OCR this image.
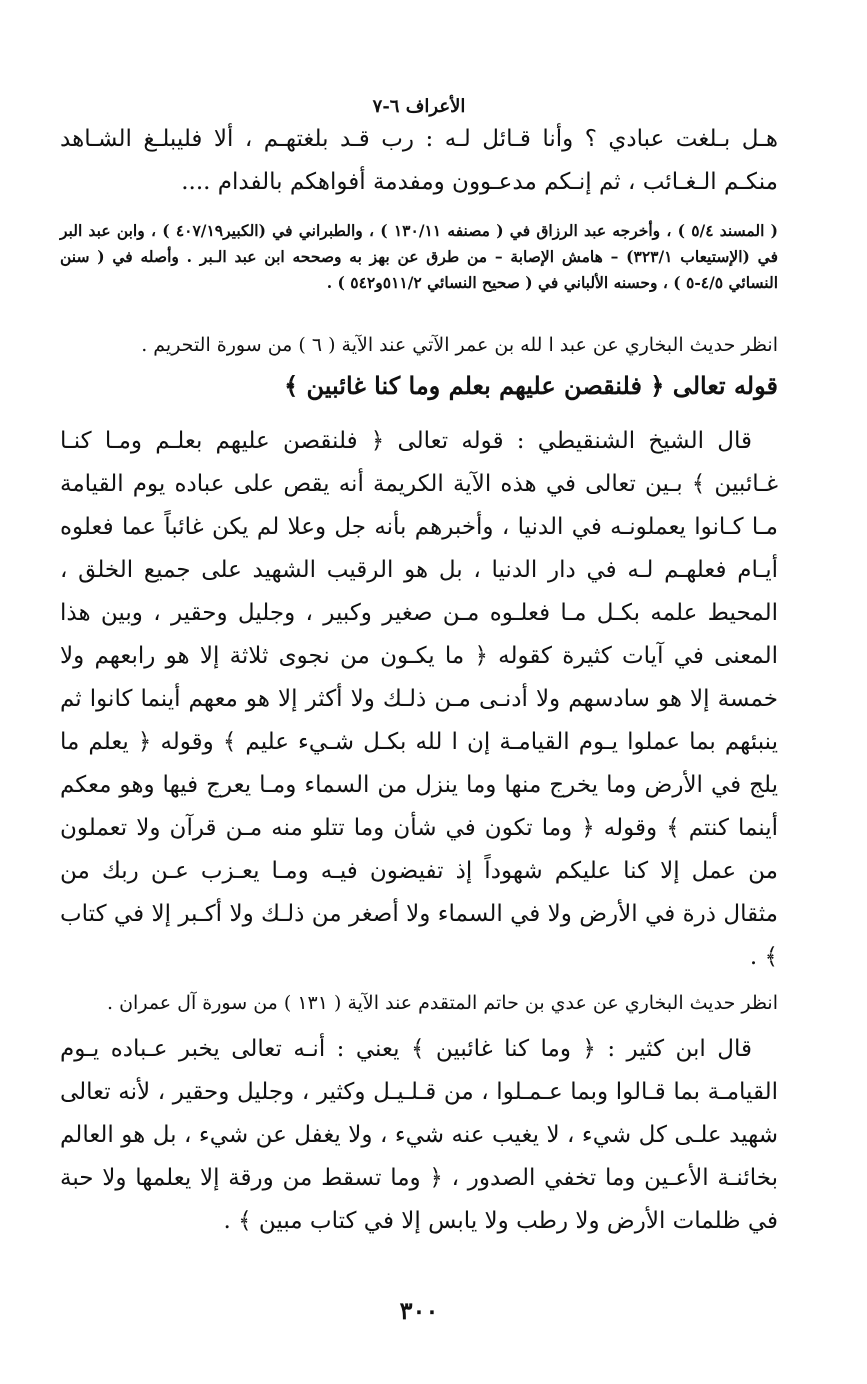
الأعراف ٦-٧

هـل بـلغت عبادي ؟ وأنا قـائل لـه : رب قـد بلغتهـم ، ألا فليبلـغ الشـاهد منكـم الـغـائب ، ثم إنـكم مدعـوون ومفدمة أفواهكم بالفدام ....

( المسند ٥/٤ ) ، وأخرجه عبد الرزاق في ( مصنفه ١٣٠/١١ ) ، والطبراني في (الكبير٤٠٧/١٩ ) ، وابن عبد البر في (الإستيعاب ٣٢٣/١) – هامش الإصابة – من طرق عن بهز به وصححه ابن عبد الـبر . وأصله في ( سنن النسائي ٤/٥-٥ ) ، وحسنه الألباني في ( صحيح النسائي ٥١١/٢و٥٤٢ ) .

انظر حديث البخاري عن عبد ا لله بن عمر الآتي عند الآية ( ٦ ) من سورة التحريم .

قوله تعالى ﴿ فلنقصن عليهم بعلم وما كنا غائبين ﴾

قال الشيخ الشنقيطي : قوله تعالى ﴿ فلنقصن عليهم بعلـم ومـا كنـا غـائبين ﴾ بـين تعالى في هذه الآية الكريمة أنه يقص على عباده يوم القيامة مـا كـانوا يعملونـه في الدنيا ، وأخبرهم بأنه جل وعلا لم يكن غائباً عما فعلوه أيـام فعلهـم لـه في دار الدنيا ، بل هو الرقيب الشهيد على جميع الخلق ، المحيط علمه بكـل مـا فعلـوه مـن صغير وكبير ، وجليل وحقير ، وبين هذا المعنى في آيات كثيرة كقوله ﴿ ما يكـون من نجوى ثلاثة إلا هو رابعهم ولا خمسة إلا هو سادسهم ولا أدنـى مـن ذلـك ولا أكثر إلا هو معهم أينما كانوا ثم ينبئهم بما عملوا يـوم القيامـة إن ا لله بكـل شـيء عليم ﴾ وقوله ﴿ يعلم ما يلج في الأرض وما يخرج منها وما ينزل من السماء ومـا يعرج فيها وهو معكم أينما كنتم ﴾ وقوله ﴿ وما تكون في شأن وما تتلو منه مـن قرآن ولا تعملون من عمل إلا كنا عليكم شهوداً إذ تفيضون فيـه ومـا يعـزب عـن ربك من مثقال ذرة في الأرض ولا في السماء ولا أصغر من ذلـك ولا أكـبر إلا في كتاب ﴾ .

انظر حديث البخاري عن عدي بن حاتم المتقدم عند الآية ( ١٣١ ) من سورة آل عمران .

قال ابن كثير : ﴿ وما كنا غائبين ﴾ يعني : أنـه تعالى يخبر عـباده يـوم القيامـة بما قـالوا وبما عـمـلوا ، من قـلـيـل وكثير ، وجليل وحقير ، لأنه تعالى شهيد علـى كل شيء ، لا يغيب عنه شيء ، ولا يغفل عن شيء ، بل هو العالم بخائنـة الأعـين وما تخفي الصدور ، ﴿ وما تسقط من ورقة إلا يعلمها ولا حبة في ظلمات الأرض ولا رطب ولا يابس إلا في كتاب مبين ﴾ .

٣٠٠
